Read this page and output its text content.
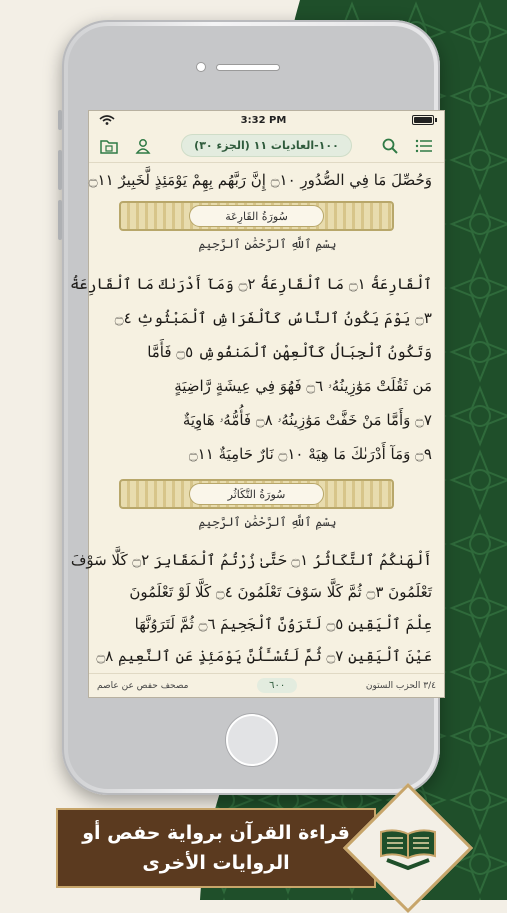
3:32 PM
١٠٠-العاديات ١١ (الجزء ٣٠)
وَحُصِّلَ مَا فِي الصُّدُورِ ۝١٠ إِنَّ رَبَّهُم بِهِمْ يَوْمَئِذٍ لَّخَبِيرٌ ۝١١
سُورَةُ القَارِعَة
بِسْمِ ٱللَّهِ ٱلرَّحْمَٰنِ ٱلرَّحِيمِ
ٱلْقَارِعَةُ ۝١ مَا ٱلْقَارِعَةُ ۝٢ وَمَآ أَدْرَىٰكَ مَا ٱلْقَارِعَةُ
۝٣ يَوْمَ يَكُونُ ٱلنَّاسُ كَٱلْفَرَاشِ ٱلْمَبْثُوثِ ۝٤
وَتَكُونُ ٱلْجِبَالُ كَٱلْعِهْنِ ٱلْمَنفُوشِ ۝٥ فَأَمَّا
مَن ثَقُلَتْ مَوَٰزِينُهُۥ ۝٦ فَهُوَ فِي عِيشَةٍ رَّاضِيَةٍ
۝٧ وَأَمَّا مَنْ خَفَّتْ مَوَٰزِينُهُۥ ۝٨ فَأُمُّهُۥ هَاوِيَةٌ
۝٩ وَمَآ أَدْرَىٰكَ مَا هِيَهْ ۝١٠ نَارٌ حَامِيَةٌ ۝١١
سُورَةُ التَّكَاثُر
بِسْمِ ٱللَّهِ ٱلرَّحْمَٰنِ ٱلرَّحِيمِ
أَلْهَىٰكُمُ ٱلتَّكَاثُرُ ۝١ حَتَّىٰ زُرْتُمُ ٱلْمَقَابِرَ ۝٢ كَلَّا سَوْفَ
تَعْلَمُونَ ۝٣ ثُمَّ كَلَّا سَوْفَ تَعْلَمُونَ ۝٤ كَلَّا لَوْ تَعْلَمُونَ
عِلْمَ ٱلْيَقِينِ ۝٥ لَتَرَوُنَّ ٱلْجَحِيمَ ۝٦ ثُمَّ لَتَرَوُنَّهَا
عَيْنَ ٱلْيَقِينِ ۝٧ ثُمَّ لَتُسْـَٔلُنَّ يَوْمَئِذٍ عَنِ ٱلنَّعِيمِ ۝٨
مصحف حفص عن عاصم	٦٠٠	٣/٤ الحزب الستون
قراءة القرآن برواية حفص أو
الروايات الأخرى
